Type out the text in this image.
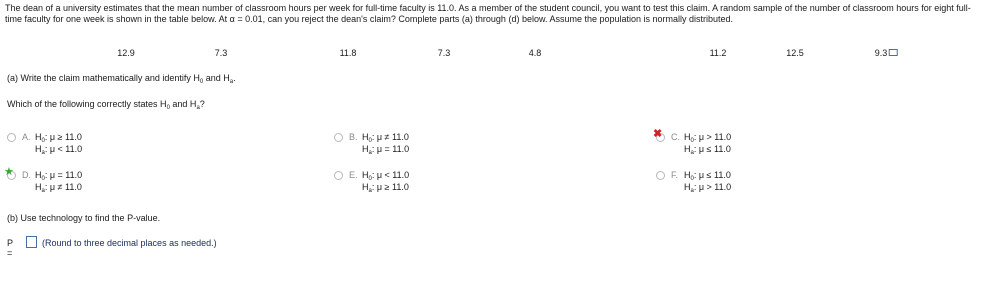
The dean of a university estimates that the mean number of classroom hours per week for full-time faculty is 11.0. As a member of the student council, you want to test this claim. A random sample of the number of classroom hours for eight full-time faculty for one week is shown in the table below. At α = 0.01, can you reject the dean's claim? Complete parts (a) through (d) below. Assume the population is normally distributed.
12.9	7.3	11.8	7.3	4.8	11.2	12.5	9.3
(a) Write the claim mathematically and identify $H_0$ and $H_a$.
Which of the following correctly states $H_0$ and $H_a$?
A. $H_0$: μ ≥ 11.0
$H_a$: μ < 11.0
B. $H_0$: μ ≠ 11.0
$H_a$: μ = 11.0
✖ C. $H_0$: μ > 11.0
$H_a$: μ ≤ 11.0
★ D. $H_0$: μ = 11.0
$H_a$: μ ≠ 11.0
E. $H_0$: μ < 11.0
$H_a$: μ ≥ 11.0
F. $H_0$: μ ≤ 11.0
$H_a$: μ > 11.0
(b) Use technology to find the P-value.
P =
(Round to three decimal places as needed.)
